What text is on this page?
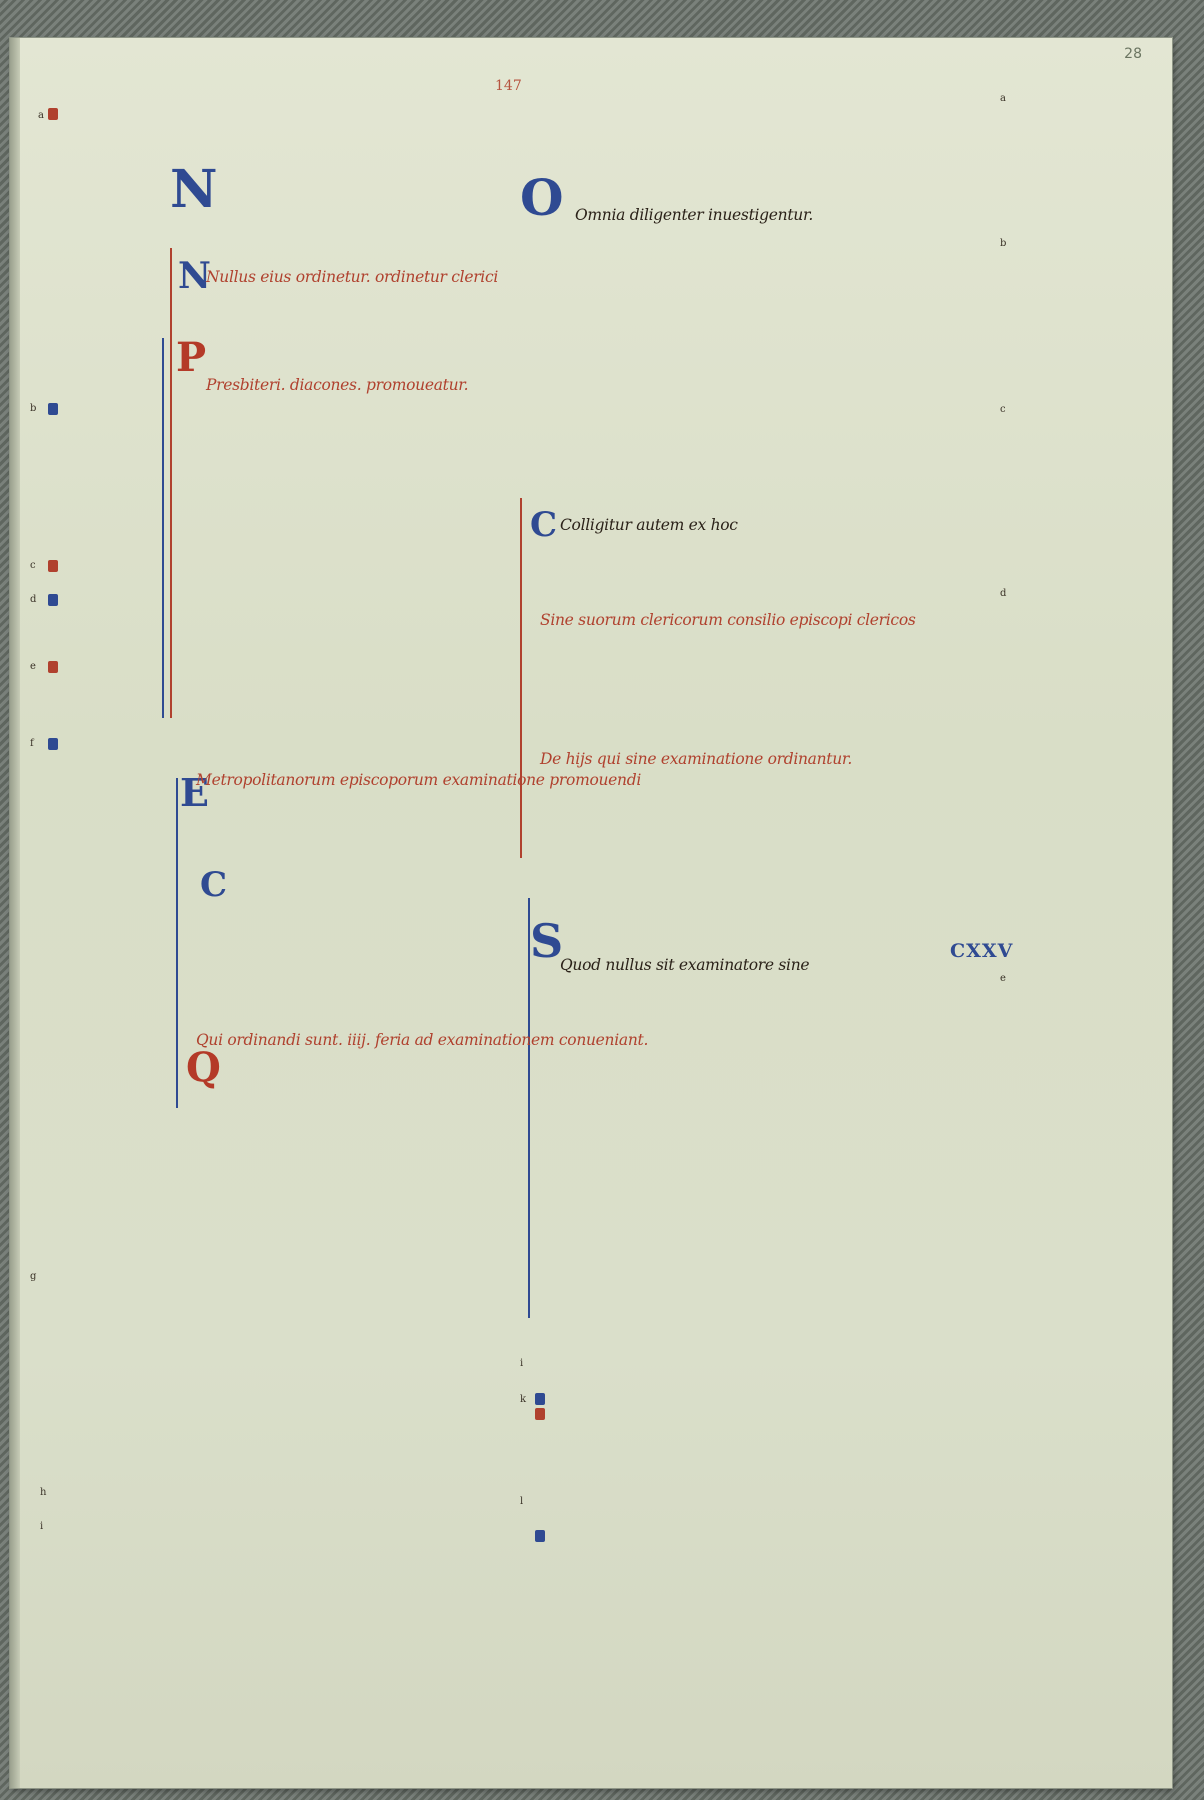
28
147
N
N
P
E
C
Q
O
C
S	CXXV
Nullus eius ordinetur. ordinetur clerici
Presbiteri. diacones. promoueatur.
Metropolitanorum episcoporum examinatione promouendi
Qui ordinandi sunt. iiij. feria ad examinationem conueniant.
Omnia diligenter inuestigentur.
Colligitur autem ex hoc
Sine suorum clericorum consilio episcopi clericos
De hijs qui sine examinatione ordinantur.
Quod nullus sit examinatore sine
a
b
c
d
e
f
g
h
i
a
b
c
d
e
i
k
l
